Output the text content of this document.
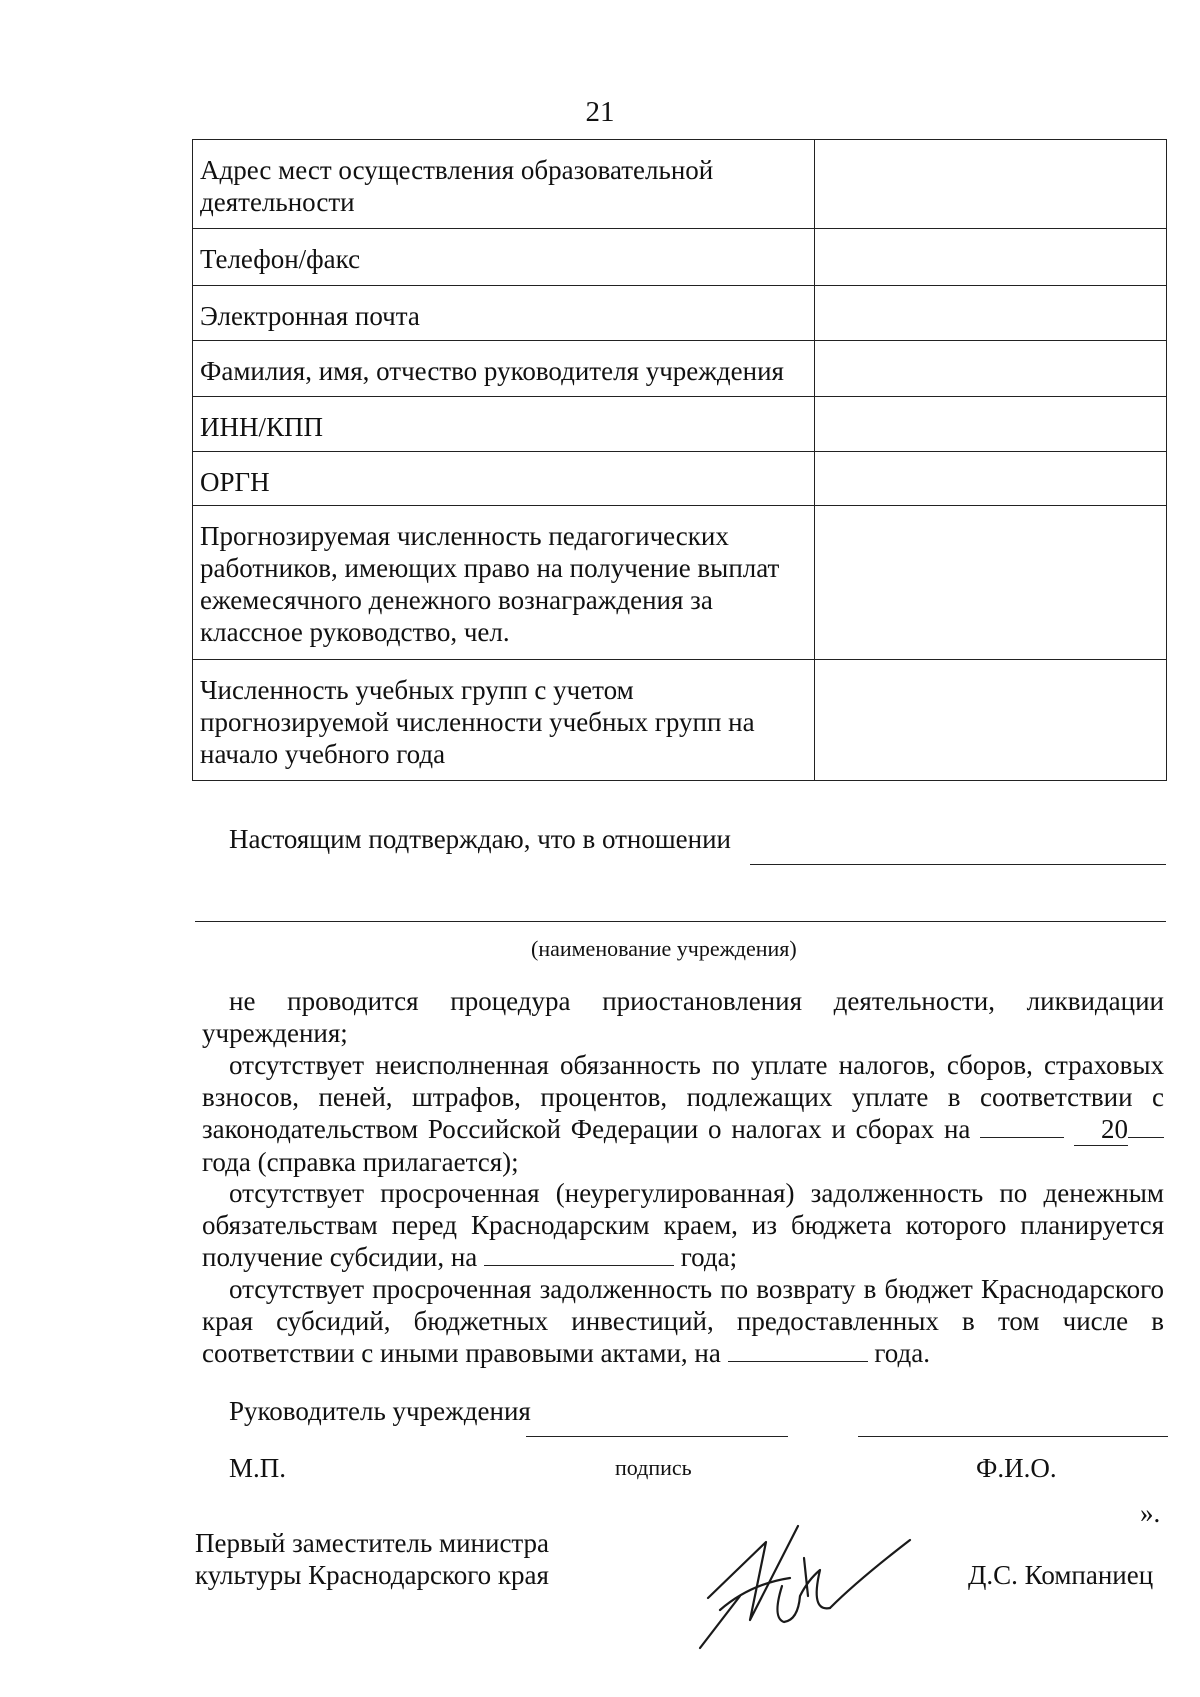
21
Адрес мест осуществления образовательной деятельности	
Телефон/факс	
Электронная почта	
Фамилия, имя, отчество руководителя учреждения	
ИНН/КПП	
ОРГН	
Прогнозируемая численность педагогических работников, имеющих право на получение выплат ежемесячного денежного вознаграждения за классное руководство, чел.	
Численность учебных групп с учетом прогнозируемой численности учебных групп на начало учебного года	
Настоящим подтверждаю, что в отношении
(наименование учреждения)
не проводится процедура приостановления деятельности, ликвидации учреждения;
отсутствует неисполненная обязанность по уплате налогов, сборов, страховых взносов, пеней, штрафов, процентов, подлежащих уплате в соответствии с законодательством Российской Федерации о налогах и сборах на	20 года (справка прилагается);
отсутствует просроченная (неурегулированная) задолженность по денежным обязательствам перед Краснодарским краем, из бюджета которого планируется получение субсидии, на	года;
отсутствует просроченная задолженность по возврату в бюджет Краснодарского края субсидий, бюджетных инвестиций, предоставленных в том числе в соответствии с иными правовыми актами, на	года.
Руководитель учреждения
М.П.	подпись	Ф.И.О.
».
Первый заместитель министра
культуры Краснодарского края	Д.С. Компаниец
